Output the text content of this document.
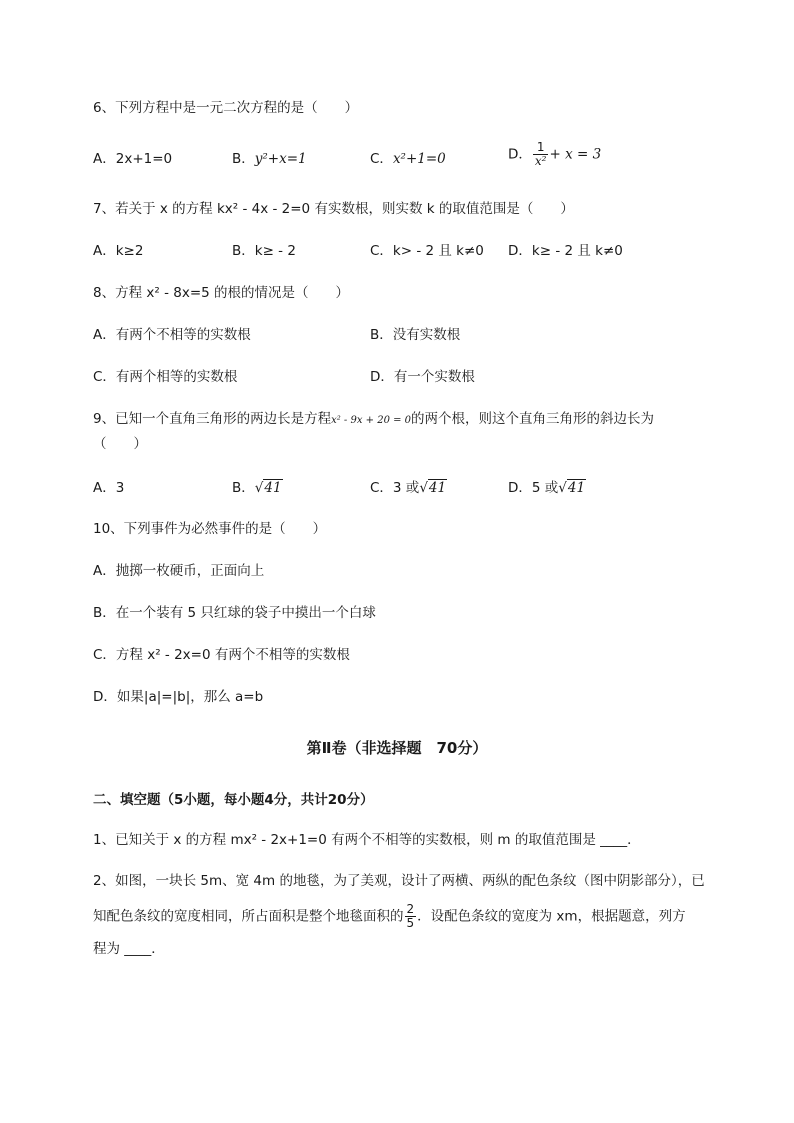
6、下列方程中是一元二次方程的是（　　）
A．2x+1=0	B．y²+x=1	C．x²+1=0	D． $\frac{1}{\text{x²}} + x = 3$
7、若关于 x 的方程 kx² - 4x - 2=0 有实数根，则实数 k 的取值范围是（　　）
A．k≥2	B．k≥ - 2	C．k> - 2 且 k≠0 D．k≥ - 2 且 k≠0
8、方程 x² - 8x=5 的根的情况是（　　）
A．有两个不相等的实数根	B．没有实数根
C．有两个相等的实数根	D．有一个实数根
9、已知一个直角三角形的两边长是方程x² - 9x + 20 = 0的两个根，则这个直角三角形的斜边长为
（　　）
A．3	B．√41	C．3 或√41	D．5 或√41
10、下列事件为必然事件的是（　　）
A．抛掷一枚硬币，正面向上
B．在一个装有 5 只红球的袋子中摸出一个白球
C．方程 x² - 2x=0 有两个不相等的实数根
D．如果|a|=|b|，那么 a=b
第Ⅱ卷（非选择题　70分）
二、填空题（5小题，每小题4分，共计20分）
1、已知关于 x 的方程 mx² - 2x+1=0 有两个不相等的实数根，则 m 的取值范围是 ____．
2、如图，一块长 5m、宽 4m 的地毯，为了美观，设计了两横、两纵的配色条纹（图中阴影部分），已
知配色条纹的宽度相同，所占面积是整个地毯面积的 $\frac{2}{5}$ ．设配色条纹的宽度为 xm，根据题意，列方
程为 ____．
